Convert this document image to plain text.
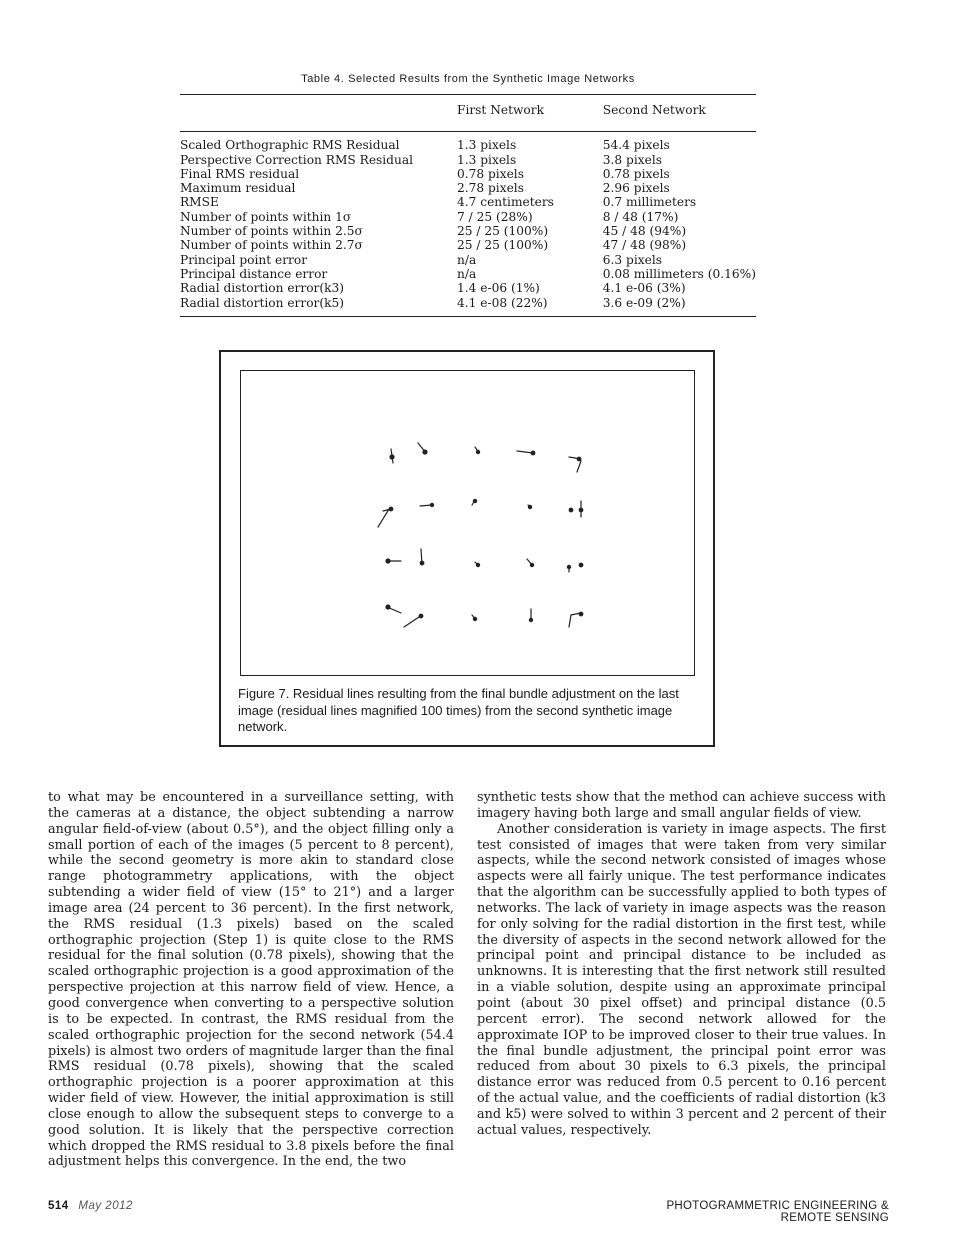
Table 4. Selected Results from the Synthetic Image Networks
	First Network	Second Network
Scaled Orthographic RMS Residual	1.3 pixels	54.4 pixels
Perspective Correction RMS Residual	1.3 pixels	3.8 pixels
Final RMS residual	0.78 pixels	0.78 pixels
Maximum residual	2.78 pixels	2.96 pixels
RMSE	4.7 centimeters	0.7 millimeters
Number of points within 1σ	7 / 25 (28%)	8 / 48 (17%)
Number of points within 2.5σ	25 / 25 (100%)	45 / 48 (94%)
Number of points within 2.7σ	25 / 25 (100%)	47 / 48 (98%)
Principal point error	n/a	6.3 pixels
Principal distance error	n/a	0.08 millimeters (0.16%)
Radial distortion error(k3)	1.4 e-06 (1%)	4.1 e-06 (3%)
Radial distortion error(k5)	4.1 e-08 (22%)	3.6 e-09 (2%)
Figure 7. Residual lines resulting from the final bundle adjustment on the last image (residual lines magnified 100 times) from the second synthetic image network.

to what may be encountered in a surveillance setting, with the cameras at a distance, the object subtending a narrow angular field-of-view (about 0.5°), and the object filling only a small portion of each of the images (5 percent to 8 percent), while the second geometry is more akin to standard close range photogrammetry applications, with the object subtending a wider field of view (15° to 21°) and a larger image area (24 percent to 36 percent). In the first network, the RMS residual (1.3 pixels) based on the scaled orthographic projection (Step 1) is quite close to the RMS residual for the final solution (0.78 pixels), showing that the scaled orthographic projection is a good approximation of the perspective projection at this narrow field of view. Hence, a good convergence when converting to a perspective solution is to be expected. In contrast, the RMS residual from the scaled orthographic projection for the second network (54.4 pixels) is almost two orders of magnitude larger than the final RMS residual (0.78 pixels), showing that the scaled orthographic projection is a poorer approximation at this wider field of view. However, the initial approximation is still close enough to allow the subsequent steps to converge to a good solution. It is likely that the perspective correction which dropped the RMS residual to 3.8 pixels before the final adjustment helps this convergence. In the end, the two

synthetic tests show that the method can achieve success with imagery having both large and small angular fields of view.

Another consideration is variety in image aspects. The first test consisted of images that were taken from very similar aspects, while the second network consisted of images whose aspects were all fairly unique. The test performance indicates that the algorithm can be successfully applied to both types of networks. The lack of variety in image aspects was the reason for only solving for the radial distortion in the first test, while the diversity of aspects in the second network allowed for the principal point and principal distance to be included as unknowns. It is interesting that the first network still resulted in a viable solution, despite using an approximate principal point (about 30 pixel offset) and principal distance (0.5 percent error). The second network allowed for the approximate IOP to be improved closer to their true values. In the final bundle adjustment, the principal point error was reduced from about 30 pixels to 6.3 pixels, the principal distance error was reduced from 0.5 percent to 0.16 percent of the actual value, and the coefficients of radial distortion (k3 and k5) were solved to within 3 percent and 2 percent of their actual values, respectively.

514 May 2012	PHOTOGRAMMETRIC ENGINEERING & REMOTE SENSING
